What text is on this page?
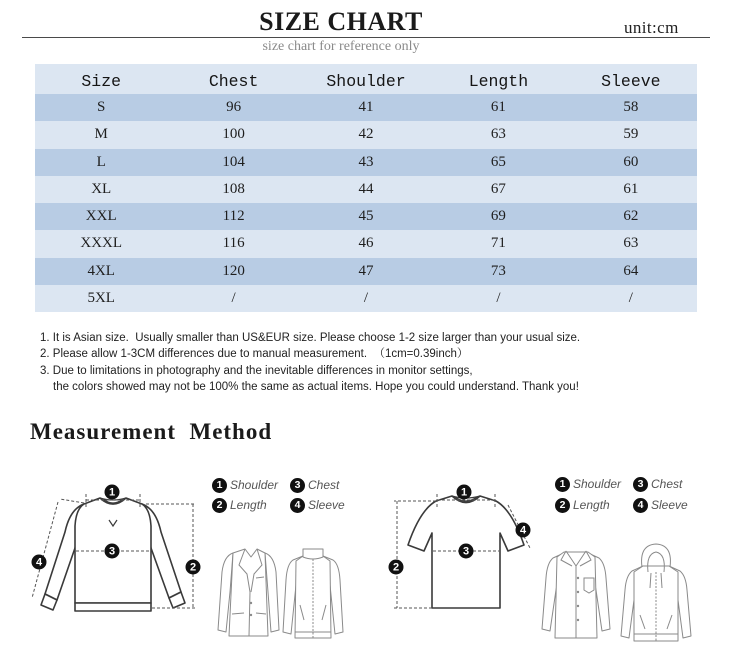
SIZE CHART	unit:cm
size chart for reference only
Size	Chest	Shoulder	Length	Sleeve
S	96	41	61	58
M	100	42	63	59
L	104	43	65	60
XL	108	44	67	61
XXL	112	45	69	62
XXXL	116	46	71	63
4XL	120	47	73	64
5XL	/	/	/	/
1. It is Asian size.  Usually smaller than US&EUR size. Please choose 1-2 size larger than your usual size.
2. Please allow 1-3CM differences due to manual measurement.  （1cm=0.39inch）
3. Due to limitations in photography and the inevitable differences in monitor settings,
the colors showed may not be 100% the same as actual items. Hope you could understand. Thank you!
Measurement  Method
1
3
2
4
1 Shoulder	3 Chest
2 Length	4 Sleeve
1
3
2
4
1 Shoulder	3 Chest
2 Length	4 Sleeve
